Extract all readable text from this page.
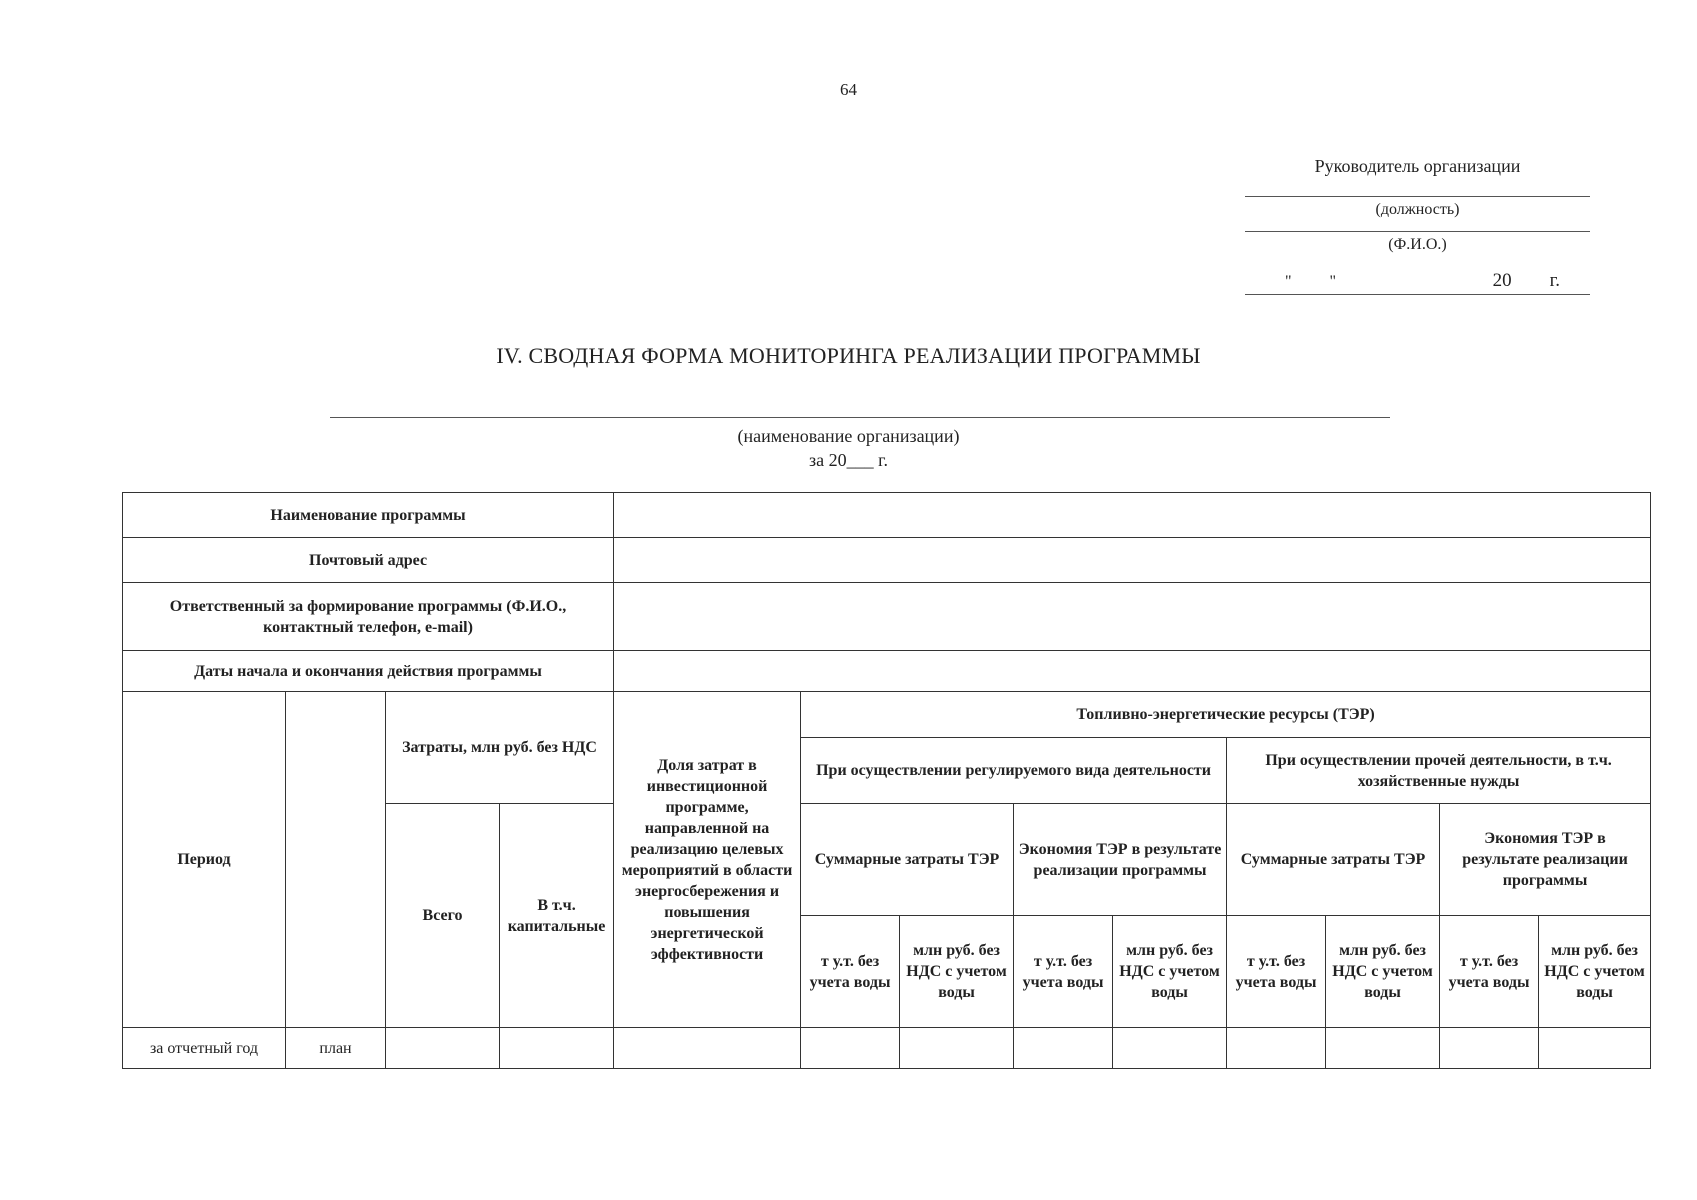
64
Руководитель организации
(должность)
(Ф.И.О.)
" "	20 г.
IV. СВОДНАЯ ФОРМА МОНИТОРИНГА РЕАЛИЗАЦИИ ПРОГРАММЫ
(наименование организации)
за 20___ г.
Наименование программы												
Почтовый адрес												
Ответственный за формирование программы (Ф.И.О., контактный телефон, e-mail)												
Даты начала и окончания действия программы												
Период		Затраты, млн руб. без НДС		Доля затрат в инвестиционной программе, направленной на реализацию целевых мероприятий в области энергосбережения и повышения энергетической эффективности	Топливно-энергетические ресурсы (ТЭР)							
					При осуществлении регулируемого вида деятельности				При осуществлении прочей деятельности, в т.ч. хозяйственные нужды			
		Всего	В т.ч. капитальные		Суммарные затраты ТЭР		Экономия ТЭР в результате реализации программы		Суммарные затраты ТЭР		Экономия ТЭР в результате реализации программы	
					т у.т. без учета воды	млн руб. без НДС с учетом воды	т у.т. без учета воды	млн руб. без НДС с учетом воды	т у.т. без учета воды	млн руб. без НДС с учетом воды	т у.т. без учета воды	млн руб. без НДС с учетом воды
за отчетный год	план											
